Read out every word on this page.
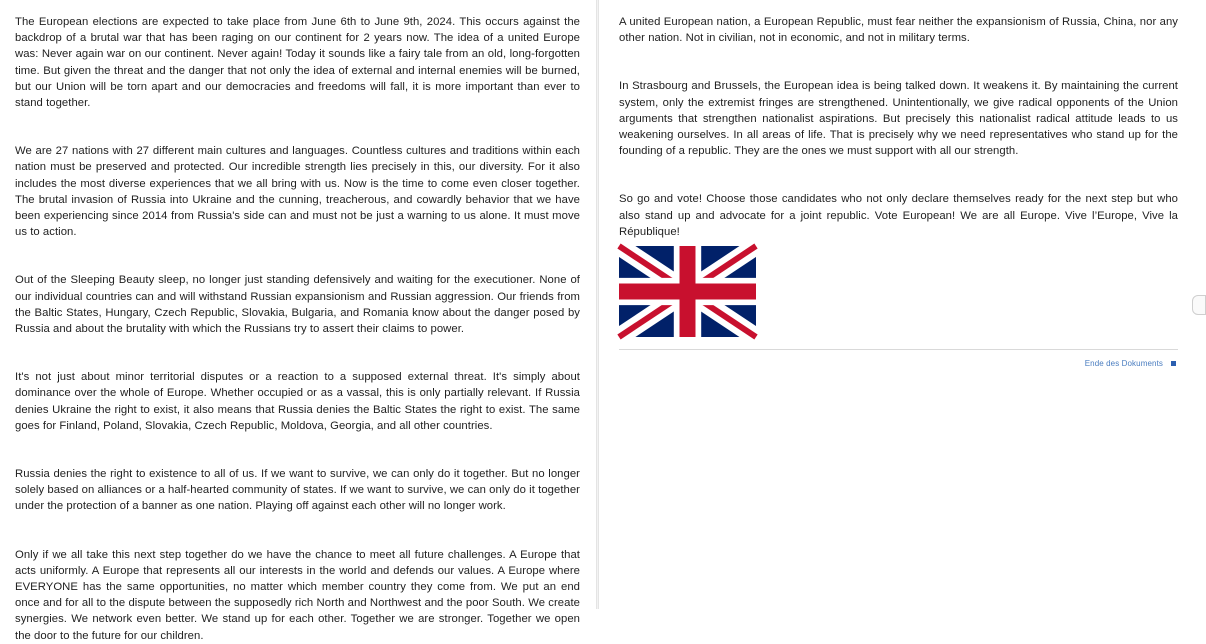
The European elections are expected to take place from June 6th to June 9th, 2024. This occurs against the backdrop of a brutal war that has been raging on our continent for 2 years now. The idea of a united Europe was: Never again war on our continent. Never again! Today it sounds like a fairy tale from an old, long-forgotten time. But given the threat and the danger that not only the idea of external and internal enemies will be burned, but our Union will be torn apart and our democracies and freedoms will fall, it is more important than ever to stand together.

We are 27 nations with 27 different main cultures and languages. Countless cultures and traditions within each nation must be preserved and protected. Our incredible strength lies precisely in this, our diversity. For it also includes the most diverse experiences that we all bring with us. Now is the time to come even closer together. The brutal invasion of Russia into Ukraine and the cunning, treacherous, and cowardly behavior that we have been experiencing since 2014 from Russia's side can and must not be just a warning to us alone. It must move us to action.

Out of the Sleeping Beauty sleep, no longer just standing defensively and waiting for the executioner. None of our individual countries can and will withstand Russian expansionism and Russian aggression. Our friends from the Baltic States, Hungary, Czech Republic, Slovakia, Bulgaria, and Romania know about the danger posed by Russia and about the brutality with which the Russians try to assert their claims to power.

It's not just about minor territorial disputes or a reaction to a supposed external threat. It's simply about dominance over the whole of Europe. Whether occupied or as a vassal, this is only partially relevant. If Russia denies Ukraine the right to exist, it also means that Russia denies the Baltic States the right to exist. The same goes for Finland, Poland, Slovakia, Czech Republic, Moldova, Georgia, and all other countries.

Russia denies the right to existence to all of us. If we want to survive, we can only do it together. But no longer solely based on alliances or a half-hearted community of states. If we want to survive, we can only do it together under the protection of a banner as one nation. Playing off against each other will no longer work.

Only if we all take this next step together do we have the chance to meet all future challenges. A Europe that acts uniformly. A Europe that represents all our interests in the world and defends our values. A Europe where EVERYONE has the same opportunities, no matter which member country they come from. We put an end once and for all to the dispute between the supposedly rich North and Northwest and the poor South. We create synergies. We network even better. We stand up for each other. Together we are stronger. Together we open the door to the future for our children.

A united European nation, a European Republic, must fear neither the expansionism of Russia, China, nor any other nation. Not in civilian, not in economic, and not in military terms.

In Strasbourg and Brussels, the European idea is being talked down. It weakens it. By maintaining the current system, only the extremist fringes are strengthened. Unintentionally, we give radical opponents of the Union arguments that strengthen nationalist aspirations. But precisely this nationalist radical attitude leads to us weakening ourselves. In all areas of life. That is precisely why we need representatives who stand up for the founding of a republic. They are the ones we must support with all our strength.

So go and vote! Choose those candidates who not only declare themselves ready for the next step but who also stand up and advocate for a joint republic. Vote European! We are all Europe. Vive l’Europe, Vive la République!

Ende des Dokuments
